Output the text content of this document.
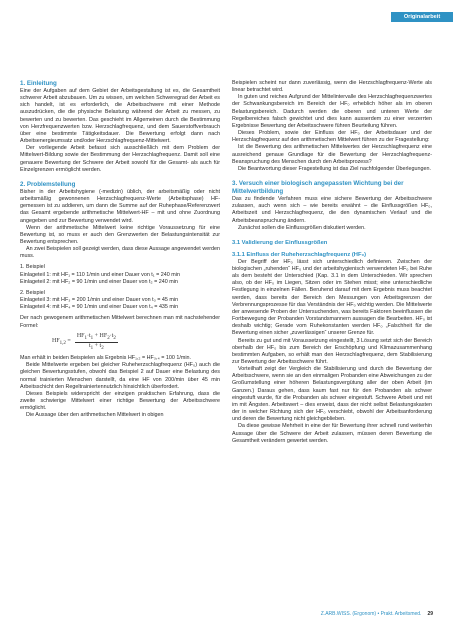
Originalarbeit
1. Einleitung

Eine der Aufgaben auf dem Gebiet der Arbeitsgestaltung ist es, die Gesamtheit schwerer Arbeit abzubauen. Um zu wissen, um welchen Schweregrad der Arbeit es sich handelt, ist es erforderlich, die Arbeitsschwere mit einer Methode auszudrücken, die die physische Belastung während der Arbeit zu messen, zu bewerten und zu bewerten. Das geschieht im Allgemeinen durch die Bestimmung von Herzfrequenzwerten bzw. Herzschlagfrequenz, und dem Sauerstoffverbrauch über eine bestimmte Tätigkeitsdauer. Die Bewertung erfolgt dann nach Arbeitsenergieumsatz und/oder Herzschlagfrequenz-Mittelwert.

Der vorliegende Arbeit befasst sich ausschließlich mit dem Problem der Mittelwert-Bildung sowie der Bestimmung der Herzschlagfrequenz. Damit soll eine genauere Bewertung der Schwere der Arbeit sowohl für die Gesamt- als auch für Einzelgrenzen ermöglicht werden.

2. Problemstellung

Bisher in der Arbeitshygiene (-medizin) üblich, der arbeitsmäßig oder nicht arbeitsmäßig gewonnenen Herzschlagfrequenz-Werte (Arbeitsphase) HF-gemessen ist zu addieren, um dann die Summe auf der Ruhephase/Referenzwert das Gesamt ergebende arithmetische Mittelwert-HF – mit und ohne Zuordnung angegeben und zur Bewertung verwendet wird.

Wenn der arithmetische Mittelwert keine richtige Voraussetzung für eine Bewertung ist, so muss er auch den Grenzwerten der Belastungsintensität zur Bewertung entsprechen.

An zwei Beispielen soll gezeigt werden, dass diese Aussage angewendet werden muss.

1. Beispiel

Einlageteil 1: mit HF₁ = 110 1/min und einer Dauer von t₁ = 240 min
Einlageteil 2: mit HF₂ = 90 1/min und einer Dauer von t₂ = 240 min

2. Beispiel

Einlageteil 3: mit HF₃ = 200 1/min und einer Dauer von t₃ = 45 min
Einlageteil 4: mit HF₄ = 90 1/min und einer Dauer von t₄ = 435 min

Der nach gewogenem arithmetischen Mittelwert berechnen man mit nachstehender Formel:

$HF_{1,2} = \frac{HF_1\cdot t_1 + HF_2\cdot t_2}{t_1 + t_2}$

Man erhält in beiden Beispielen als Ergebnis HF₁,₂ = HF₃,₄ = 100 1/min.

Beide Mittelwerte ergeben bei gleicher Ruheherzschlagfrequenz (HF₀) auch die gleichen Bewertungsstufen, obwohl das Beispiel 2 auf Dauer eine Belastung des normal trainierten Menschen darstellt, da eine HF von 200/min über 45 min Arbeitsschicht den Regeltrainiertennutzlich hinsichtlich überfordert.

Dieses Beispiels widerspricht der einzigen praktischen Erfahrung, dass die zweite schwierige Mittelwert einer richtige Bewertung der Arbeitsschwere ermöglicht.

Die Aussage über den arithmetischen Mittelwert in obigen

Beispielen scheint nur dann zuverlässig, wenn die Herzschlagfrequenz-Werte als linear betrachtet wird.

In guten und reiches Aufgrund der Mittelintervalle des Herzschlagfrequenzwertes der Schwankungsbereich im Bereich der HF₀ erheblich höher als im oberen Belastungsbereich. Dadurch werden die oberen und unteren Werte der Regelbereiches falsch gewichtet und dies kann ausserdem zu einer verzerrten Ergebnisse Bewertung der Arbeitsschwere führen Beurteilung führen.

Dieses Problem, sowie der Einfluss der HF₀ der Arbeitsdauer und der Herzschlagfrequenz auf den arithmetischen Mittelwert führen zu der Fragestellung:

Ist die Bewertung des arithmetischen Mittelwertes der Herzschlagfrequenz eine ausreichend genaue Grundlage für die Bewertung der Herzschlagfrequenz-Beanspruchung des Menschen durch den Arbeitsprozess?

Die Beantwortung dieser Fragestellung ist das Ziel nachfolgender Überlegungen.

3. Versuch einer biologisch angepassten Wichtung bei der Mittelwertbildung

Das zu findende Verfahren muss eine sichere Bewertung der Arbeitsschwere zulassen, auch wenn sich – wie bereits erwähnt – die Einflussgrößen HF₀, Arbeitszeit und Herzschlagfrequenz, die den dynamischen Verlauf und die Arbeitsbeanspruchung ändern.

Zunächst sollen die Einflussgrößen diskutiert werden.

3.1 Validierung der Einflussgrößen
3.1.1 Einfluss der Ruheherzschlagfrequenz (HF₀)

Der Begriff der HF₀ lässt sich unterschiedlich definieren. Zwischen der biologischen „ruhenden“ HF₀ und der arbeitshygienisch verwendeten HF₀ bei Ruhe als dem besteht der Unterschied (Kap. 3.1 in dem Unterschieden. Wir sprechen also, ob der HF₀ im Liegen, Sitzen oder im Stehen misst; eine unterschiedliche Festlegung in einzelnen Fällen. Beruhend darauf mit dem Ergebnis muss beachtet werden, dass bereits der Bereich den Messungen von Arbeitsgrenzen der Verbrennungsprozesse für das Verständnis der HF₀ wichtig werden. Die Mittelwerte der anwesende Proben der Untersuchenden, was bereits Faktoren beeinflussen die Fortbewegung der Probanden Vorstandsmannern aussagen die Bearbeiten. HF₀ ist deshalb wichtig; Gerade vom Ruhekonstanten werden HF₀ „Falschheit für die Bewertung einen sicher „zuverlässigen“ unserer Grenze für.

Bereits zu gut und mit Voraussetzung eingestellt, 3 Lösung setzt sich der Bereich oberhalb der HF₀ bis zum Bereich der Erschöpfung und Klimazusammenhang bestimmten Aufgaben, so erhält man den Herzschlagfrequenz, dem Stabilisierung zur Bewertung der Arbeitsschwere führt.

Vorteilhaft zeigt der Vergleich die Stabilisierung und durch die Bewertung der Arbeitsschwere, wenn sie an den einmaligen Probanden eine Abweichungen zu der Großumstellung einer höheren Belastungsvergütung aller der oben Arbeit (im Ganzen.) Daraus gehen, dass kaum fast nur für den Probanden als schwer eingestuft wurde, für die Probanden als schwer eingestuft. Schwere Arbeit und mit im mit Ängsten. Arbeitswert – dies erweist, dass der nicht selbst Belastungskasten der in welcher Richtung sich der HF₀ verschiebt, obwohl der Arbeitsanforderung und deren die Bewertung nicht gleichgeblieben.

Da diese gewisse Mehrheit in eine der für Bewertung ihrer schnell rund weiterhin Aussage über die Schwere der Arbeit zulassen, müssen deren Bewertung die Gesamtheit verändern gewertet werden.

Z.ARB.WISS. (Ergonom) • Prakt. Arbeitsmed. 29
